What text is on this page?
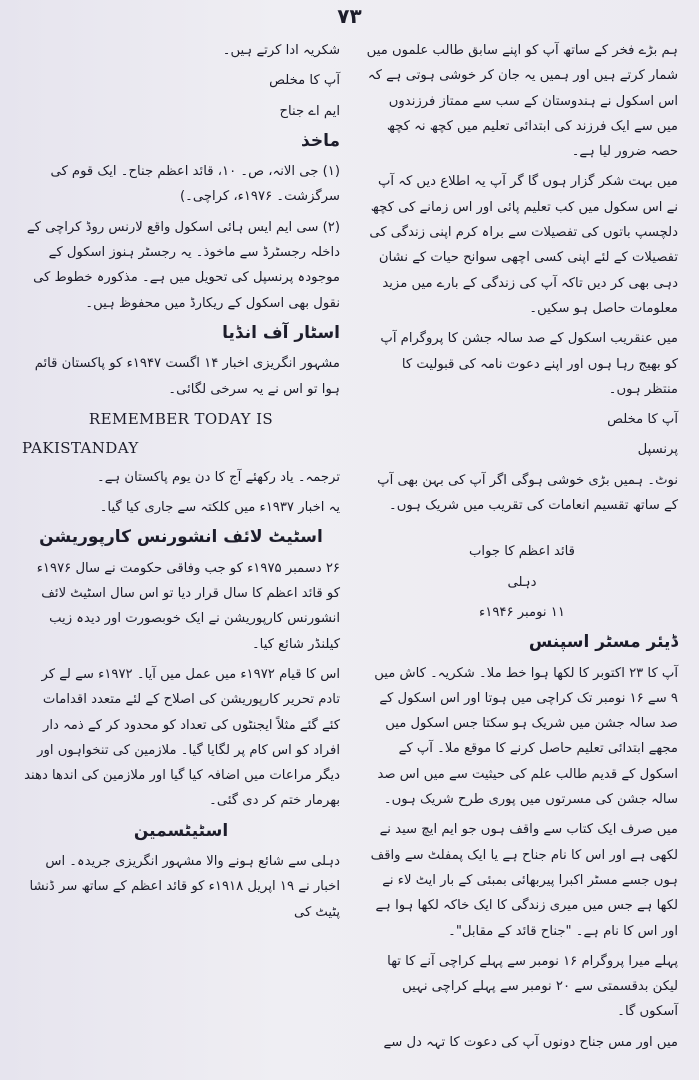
۷۳

ہم بڑے فخر کے ساتھ آپ کو اپنے سابق طالب علموں میں شمار کرتے ہیں اور ہمیں یہ جان کر خوشی ہوتی ہے کہ اس اسکول نے ہندوستان کے سب سے ممتاز فرزندوں میں سے ایک فرزند کی ابتدائی تعلیم میں کچھ نہ کچھ حصہ ضرور لیا ہے۔

میں بہت شکر گزار ہوں گا گر آپ یہ اطلاع دیں کہ آپ نے اس سکول میں کب تعلیم پائی اور اس زمانے کی کچھ دلچسپ باتوں کی تفصیلات سے براہ کرم اپنی زندگی کی تفصیلات کے لئے اپنی کسی اچھی سوانح حیات کے نشان دہی بھی کر دیں تاکہ آپ کی زندگی کے بارے میں مزید معلومات حاصل ہو سکیں۔

میں عنقریب اسکول کے صد سالہ جشن کا پروگرام آپ کو بھیج رہا ہوں اور اپنے دعوت نامہ کی قبولیت کا منتظر ہوں۔

آپ کا مخلص

پرنسپل

نوٹ۔ ہمیں بڑی خوشی ہوگی اگر آپ کی بہن بھی آپ کے ساتھ تقسیم انعامات کی تقریب میں شریک ہوں۔

قائد اعظم کا جواب

دہلی

۱۱ نومبر ۱۹۴۶ء

ڈیئر مسٹر اسپنس

آپ کا ۲۳ اکتوبر کا لکھا ہوا خط ملا۔ شکریہ۔ کاش میں ۹ سے ۱۶ نومبر تک کراچی میں ہوتا اور اس اسکول کے صد سالہ جشن میں شریک ہو سکتا جس اسکول میں مجھے ابتدائی تعلیم حاصل کرنے کا موقع ملا۔ آپ کے اسکول کے قدیم طالب علم کی حیثیت سے میں اس صد سالہ جشن کی مسرتوں میں پوری طرح شریک ہوں۔

میں صرف ایک کتاب سے واقف ہوں جو ایم ایچ سید نے لکھی ہے اور اس کا نام جناح ہے یا ایک پمفلٹ سے واقف ہوں جسے مسٹر اکبرا پیربھائی بمبئی کے بار ایٹ لاء نے لکھا ہے جس میں میری زندگی کا ایک خاکہ لکھا ہوا ہے اور اس کا نام ہے۔ "جناح قائد کے مقابل"۔

پہلے میرا پروگرام ۱۶ نومبر سے پہلے کراچی آنے کا تھا لیکن بدقسمتی سے ۲۰ نومبر سے پہلے کراچی نہیں آسکوں گا۔

میں اور مس جناح دونوں آپ کی دعوت کا تہہ دل سے

شکریہ ادا کرتے ہیں۔

آپ کا مخلص

ایم اے جناح

ماخذ

(۱) جی الانہ، ص۔ ۱۰، قائد اعظم جناح۔ ایک قوم کی سرگزشت۔ ۱۹۷۶ء، کراچی۔)

(۲) سی ایم ایس ہائی اسکول واقع لارنس روڈ کراچی کے داخلہ رجسٹرڈ سے ماخوذ۔ یہ رجسٹر ہنوز اسکول کے موجودہ پرنسپل کی تحویل میں ہے۔ مذکورہ خطوط کی نقول بھی اسکول کے ریکارڈ میں محفوظ ہیں۔

اسٹار آف انڈیا

مشہور انگریزی اخبار ۱۴ اگست ۱۹۴۷ء کو پاکستان قائم ہوا تو اس نے یہ سرخی لگائی۔

REMEMBER TODAY IS

PAKISTANDAY

ترجمہ۔ یاد رکھئے آج کا دن یوم پاکستان ہے۔

یہ اخبار ۱۹۳۷ء میں کلکتہ سے جاری کیا گیا۔

اسٹیٹ لائف انشورنس کارپوریشن

۲۶ دسمبر ۱۹۷۵ء کو جب وفاقی حکومت نے سال ۱۹۷۶ء کو قائد اعظم کا سال قرار دیا تو اس سال اسٹیٹ لائف انشورنس کارپوریشن نے ایک خوبصورت اور دیدہ زیب کیلنڈر شائع کیا۔

اس کا قیام ۱۹۷۲ء میں عمل میں آیا۔ ۱۹۷۲ء سے لے کر تادم تحریر کارپوریشن کی اصلاح کے لئے متعدد اقدامات کئے گئے مثلاً ایجنٹوں کی تعداد کو محدود کر کے ذمہ دار افراد کو اس کام پر لگایا گیا۔ ملازمین کی تنخواہوں اور دیگر مراعات میں اضافہ کیا گیا اور ملازمین کی اندھا دھند بھرمار ختم کر دی گئی۔

اسٹیٹسمین

دہلی سے شائع ہونے والا مشہور انگریزی جریدہ۔ اس اخبار نے ۱۹ اپریل ۱۹۱۸ء کو قائد اعظم کے ساتھ سر ڈنشا پٹیٹ کی
